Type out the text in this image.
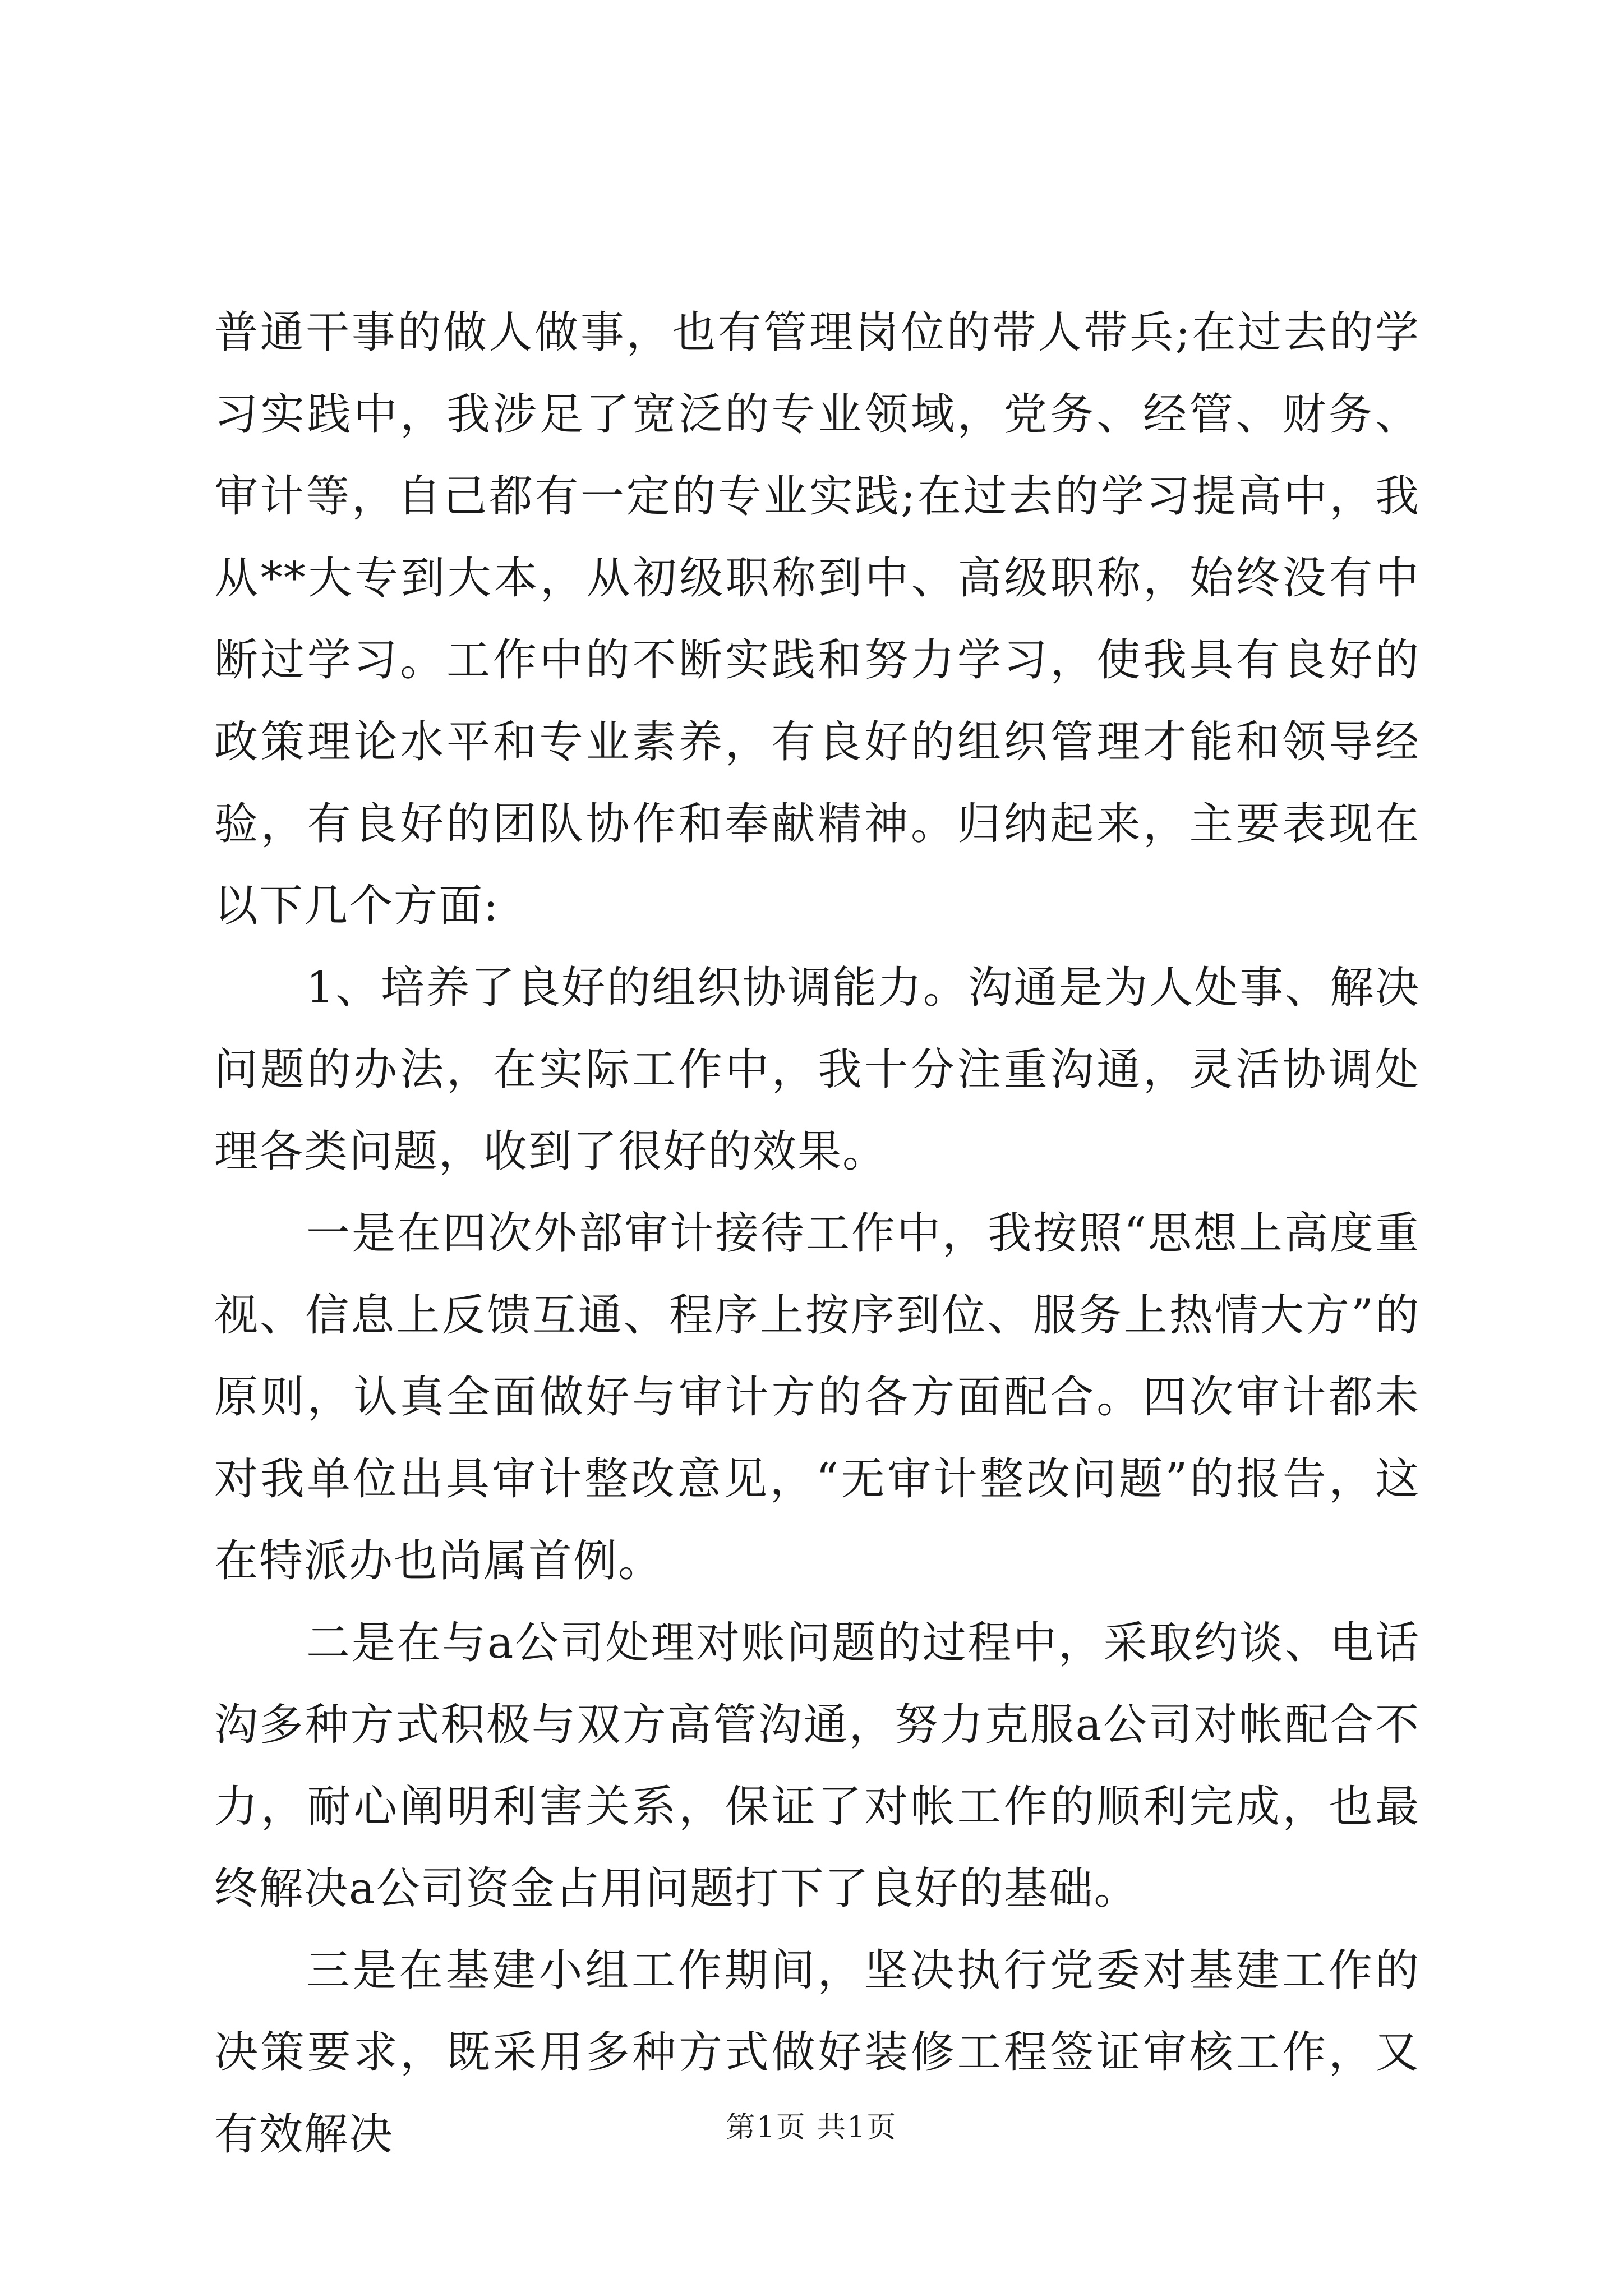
普通干事的做人做事，也有管理岗位的带人带兵;在过去的学习实践中，我涉足了宽泛的专业领域，党务、经管、财务、审计等，自己都有一定的专业实践;在过去的学习提高中，我从**大专到大本，从初级职称到中、高级职称，始终没有中断过学习。工作中的不断实践和努力学习，使我具有良好的政策理论水平和专业素养，有良好的组织管理才能和领导经验，有良好的团队协作和奉献精神。归纳起来，主要表现在以下几个方面:

1、培养了良好的组织协调能力。沟通是为人处事、解决问题的办法，在实际工作中，我十分注重沟通，灵活协调处理各类问题，收到了很好的效果。

一是在四次外部审计接待工作中，我按照“思想上高度重视、信息上反馈互通、程序上按序到位、服务上热情大方”的原则，认真全面做好与审计方的各方面配合。四次审计都未对我单位出具审计整改意见，“无审计整改问题”的报告，这在特派办也尚属首例。

二是在与a公司处理对账问题的过程中，采取约谈、电话沟多种方式积极与双方高管沟通，努力克服a公司对帐配合不力，耐心阐明利害关系，保证了对帐工作的顺利完成，也最终解决a公司资金占用问题打下了良好的基础。

三是在基建小组工作期间，坚决执行党委对基建工作的决策要求，既采用多种方式做好装修工程签证审核工作，又有效解决	第1页 共1页
